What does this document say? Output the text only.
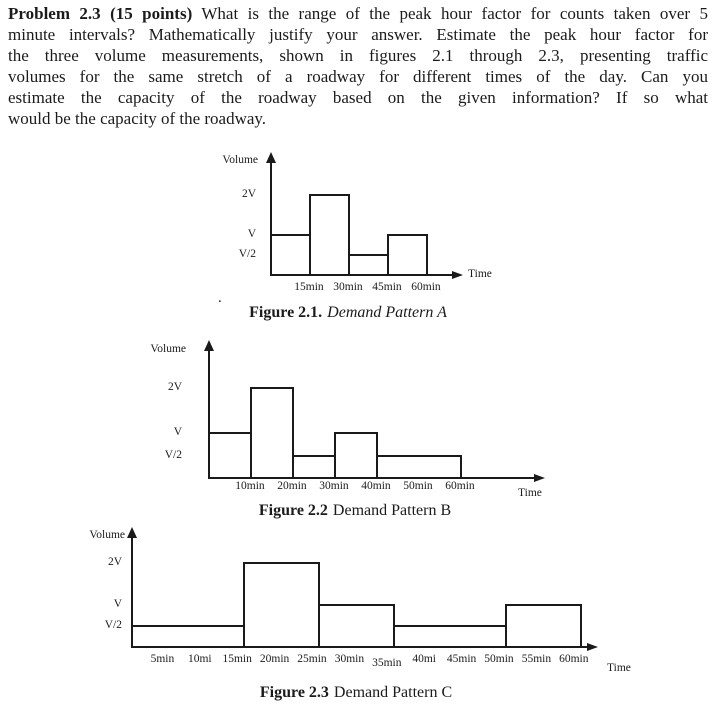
Problem 2.3 (15 points) What is the range of the peak hour factor for counts taken over 5
minute intervals? Mathematically justify your answer. Estimate the peak hour factor for
the three volume measurements, shown in figures 2.1 through 2.3, presenting traffic
volumes for the same stretch of a roadway for different times of the day. Can you
estimate the capacity of the roadway based on the given information? If so what
would be the capacity of the roadway.
.
Figure 2.1. Demand Pattern A
Volume
Time
2V
V
V/2
15min 30min 45min 60min
Figure 2.2 Demand Pattern B
Volume
Time
2V
V
V/2
10min	20min	30min	40min	50min	60min
Figure 2.3 Demand Pattern C
Volume
Time
2V
V
V/2
5min	10mi 15min 20min 25min 30min 35min 40mi 45min 50min 55min 60min
